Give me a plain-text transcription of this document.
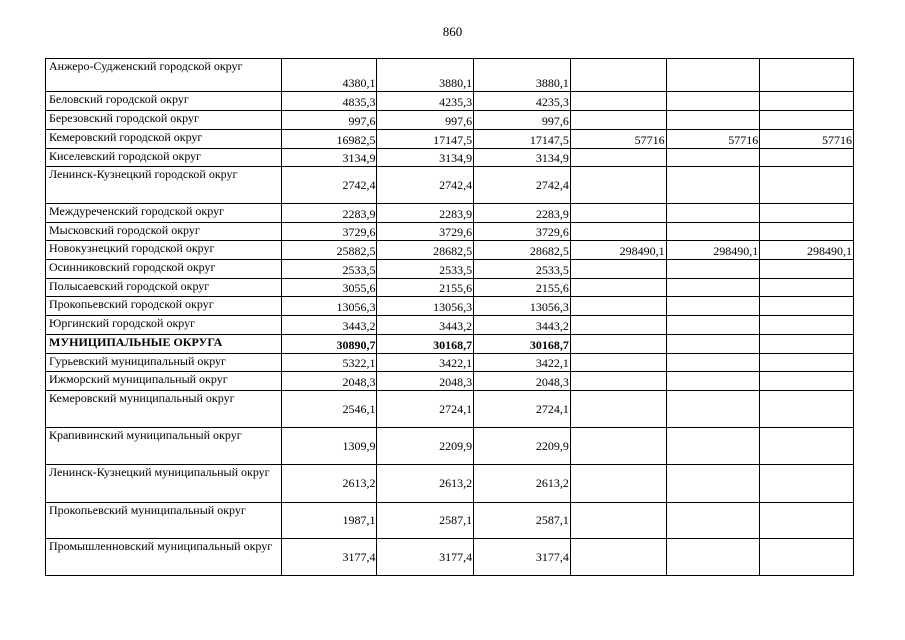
860
Анжеро-Судженский городской округ	4380,1	3880,1	3880,1			
Беловский городской округ	4835,3	4235,3	4235,3			
Березовский городской округ	997,6	997,6	997,6			
Кемеровский городской округ	16982,5	17147,5	17147,5	57716	57716	57716
Киселевский городской округ	3134,9	3134,9	3134,9			
Ленинск-Кузнецкий городской округ	2742,4	2742,4	2742,4			
Междуреченский городской округ	2283,9	2283,9	2283,9			
Мысковский городской округ	3729,6	3729,6	3729,6			
Новокузнецкий городской округ	25882,5	28682,5	28682,5	298490,1	298490,1	298490,1
Осинниковский городской округ	2533,5	2533,5	2533,5			
Полысаевский городской округ	3055,6	2155,6	2155,6			
Прокопьевский городской округ	13056,3	13056,3	13056,3			
Юргинский городской округ	3443,2	3443,2	3443,2			
МУНИЦИПАЛЬНЫЕ ОКРУГА	30890,7	30168,7	30168,7			
Гурьевский муниципальный округ	5322,1	3422,1	3422,1			
Ижморский муниципальный округ	2048,3	2048,3	2048,3			
Кемеровский муниципальный округ	2546,1	2724,1	2724,1			
Крапивинский муниципальный округ	1309,9	2209,9	2209,9			
Ленинск-Кузнецкий муниципальный округ	2613,2	2613,2	2613,2			
Прокопьевский муниципальный округ	1987,1	2587,1	2587,1			
Промышленновский муниципальный округ	3177,4	3177,4	3177,4			
